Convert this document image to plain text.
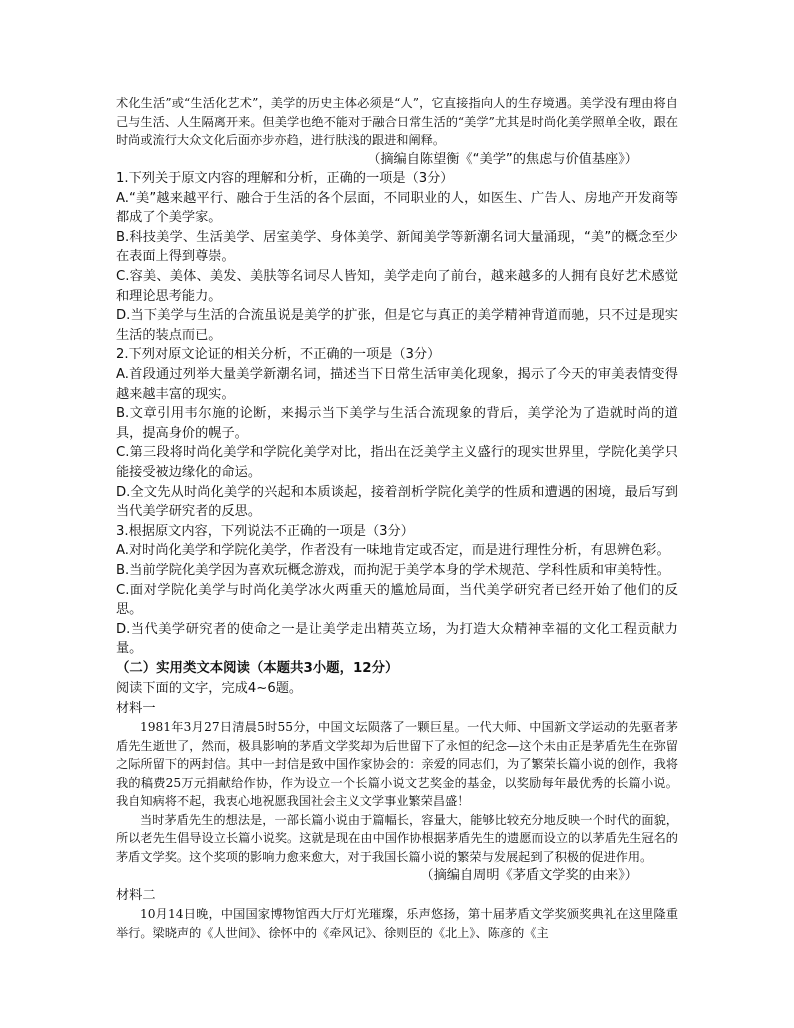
术化生活”或“生活化艺术”，美学的历史主体必须是“人”，它直接指向人的生存境遇。美学没有理由将自己与生活、人生隔离开来。但美学也绝不能对于融合日常生活的“美学”尤其是时尚化美学照单全收，跟在时尚或流行大众文化后面亦步亦趋，进行肤浅的跟进和阐释。

（摘编自陈望衡《“美学”的焦虑与价值基座》）

1.下列关于原文内容的理解和分析，正确的一项是（3分）

A.“美”越来越平行、融合于生活的各个层面，不同职业的人，如医生、广告人、房地产开发商等都成了个美学家。

B.科技美学、生活美学、居室美学、身体美学、新闻美学等新潮名词大量涌现，“美”的概念至少在表面上得到尊崇。

C.容美、美体、美发、美肤等名词尽人皆知，美学走向了前台，越来越多的人拥有良好艺术感觉和理论思考能力。

D.当下美学与生活的合流虽说是美学的扩张，但是它与真正的美学精神背道而驰，只不过是现实生活的装点而已。

2.下列对原文论证的相关分析，不正确的一项是（3分）

A.首段通过列举大量美学新潮名词，描述当下日常生活审美化现象，揭示了今天的审美表情变得越来越丰富的现实。

B.文章引用韦尔施的论断，来揭示当下美学与生活合流现象的背后，美学沦为了造就时尚的道具，提高身价的幌子。

C.第三段将时尚化美学和学院化美学对比，指出在泛美学主义盛行的现实世界里，学院化美学只能接受被边缘化的命运。

D.全文先从时尚化美学的兴起和本质谈起，接着剖析学院化美学的性质和遭遇的困境，最后写到当代美学研究者的反思。

3.根据原文内容，下列说法不正确的一项是（3分）

A.对时尚化美学和学院化美学，作者没有一味地肯定或否定，而是进行理性分析，有思辨色彩。

B.当前学院化美学因为喜欢玩概念游戏，而拘泥于美学本身的学术规范、学科性质和审美特性。

C.面对学院化美学与时尚化美学冰火两重天的尴尬局面，当代美学研究者已经开始了他们的反思。

D.当代美学研究者的使命之一是让美学走出精英立场，为打造大众精神幸福的文化工程贡献力量。

（二）实用类文本阅读（本题共3小题，12分）

阅读下面的文字，完成4~6题。

材料一

1981年3月27日清晨5时55分，中国文坛陨落了一颗巨星。一代大师、中国新文学运动的先驱者茅盾先生逝世了，然而，极具影响的茅盾文学奖却为后世留下了永恒的纪念—这个未由正是茅盾先生在弥留之际所留下的两封信。其中一封信是致中国作家协会的：亲爱的同志们，为了繁荣长篇小说的创作，我将我的稿费25万元捐献给作协，作为设立一个长篇小说文艺奖金的基金，以奖励每年最优秀的长篇小说。我自知病将不起，我衷心地祝愿我国社会主义文学事业繁荣昌盛！

当时茅盾先生的想法是，一部长篇小说由于篇幅长，容量大，能够比较充分地反映一个时代的面貌，所以老先生倡导设立长篇小说奖。这就是现在由中国作协根据茅盾先生的遗愿而设立的以茅盾先生冠名的茅盾文学奖。这个奖项的影响力愈来愈大，对于我国长篇小说的繁荣与发展起到了积极的促进作用。

（摘编自周明《茅盾文学奖的由来》）

材料二

10月14日晚，中国国家博物馆西大厅灯光璀璨，乐声悠扬，第十届茅盾文学奖颁奖典礼在这里隆重举行。梁晓声的《人世间》、徐怀中的《牵风记》、徐则臣的《北上》、陈彦的《主
